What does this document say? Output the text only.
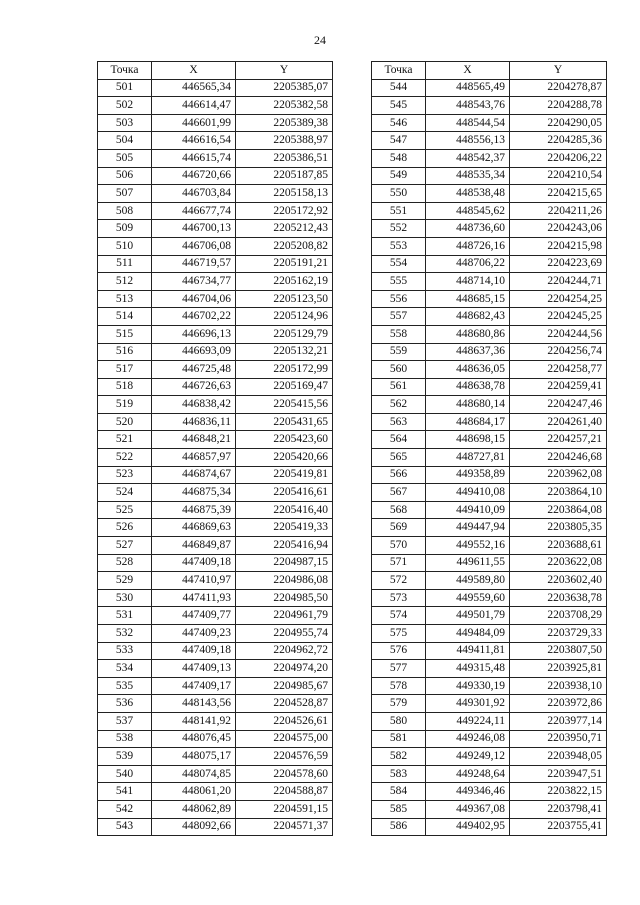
24
Точка	X	Y
501	446565,34	2205385,07
502	446614,47	2205382,58
503	446601,99	2205389,38
504	446616,54	2205388,97
505	446615,74	2205386,51
506	446720,66	2205187,85
507	446703,84	2205158,13
508	446677,74	2205172,92
509	446700,13	2205212,43
510	446706,08	2205208,82
511	446719,57	2205191,21
512	446734,77	2205162,19
513	446704,06	2205123,50
514	446702,22	2205124,96
515	446696,13	2205129,79
516	446693,09	2205132,21
517	446725,48	2205172,99
518	446726,63	2205169,47
519	446838,42	2205415,56
520	446836,11	2205431,65
521	446848,21	2205423,60
522	446857,97	2205420,66
523	446874,67	2205419,81
524	446875,34	2205416,61
525	446875,39	2205416,40
526	446869,63	2205419,33
527	446849,87	2205416,94
528	447409,18	2204987,15
529	447410,97	2204986,08
530	447411,93	2204985,50
531	447409,77	2204961,79
532	447409,23	2204955,74
533	447409,18	2204962,72
534	447409,13	2204974,20
535	447409,17	2204985,67
536	448143,56	2204528,87
537	448141,92	2204526,61
538	448076,45	2204575,00
539	448075,17	2204576,59
540	448074,85	2204578,60
541	448061,20	2204588,87
542	448062,89	2204591,15
543	448092,66	2204571,37
Точка	X	Y
544	448565,49	2204278,87
545	448543,76	2204288,78
546	448544,54	2204290,05
547	448556,13	2204285,36
548	448542,37	2204206,22
549	448535,34	2204210,54
550	448538,48	2204215,65
551	448545,62	2204211,26
552	448736,60	2204243,06
553	448726,16	2204215,98
554	448706,22	2204223,69
555	448714,10	2204244,71
556	448685,15	2204254,25
557	448682,43	2204245,25
558	448680,86	2204244,56
559	448637,36	2204256,74
560	448636,05	2204258,77
561	448638,78	2204259,41
562	448680,14	2204247,46
563	448684,17	2204261,40
564	448698,15	2204257,21
565	448727,81	2204246,68
566	449358,89	2203962,08
567	449410,08	2203864,10
568	449410,09	2203864,08
569	449447,94	2203805,35
570	449552,16	2203688,61
571	449611,55	2203622,08
572	449589,80	2203602,40
573	449559,60	2203638,78
574	449501,79	2203708,29
575	449484,09	2203729,33
576	449411,81	2203807,50
577	449315,48	2203925,81
578	449330,19	2203938,10
579	449301,92	2203972,86
580	449224,11	2203977,14
581	449246,08	2203950,71
582	449249,12	2203948,05
583	449248,64	2203947,51
584	449346,46	2203822,15
585	449367,08	2203798,41
586	449402,95	2203755,41
